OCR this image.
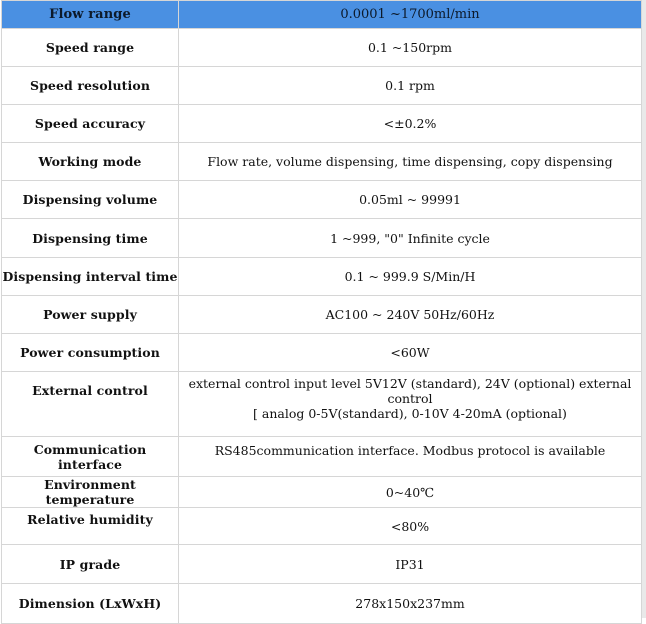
Flow range	0.0001 ~1700ml/min
Speed range	0.1 ~150rpm
Speed resolution	0.1 rpm
Speed accuracy	<±0.2%
Working mode	Flow rate, volume dispensing, time dispensing, copy dispensing
Dispensing volume	0.05ml ~ 99991
Dispensing time	1 ~999, "0" Infinite cycle
Dispensing interval time	0.1 ~ 999.9 S/Min/H
Power supply	AC100 ~ 240V 50Hz/60Hz
Power consumption	<60W
External control	external control input level 5V12V (standard), 24V (optional) external control
[ analog 0-5V(standard), 0-10V 4-20mA (optional)

Communication interface	RS485communication interface. Modbus protocol is available
Environment temperature	0~40℃
Relative humidity	<80%
IP grade	IP31
Dimension (LxWxH)	278x150x237mm
